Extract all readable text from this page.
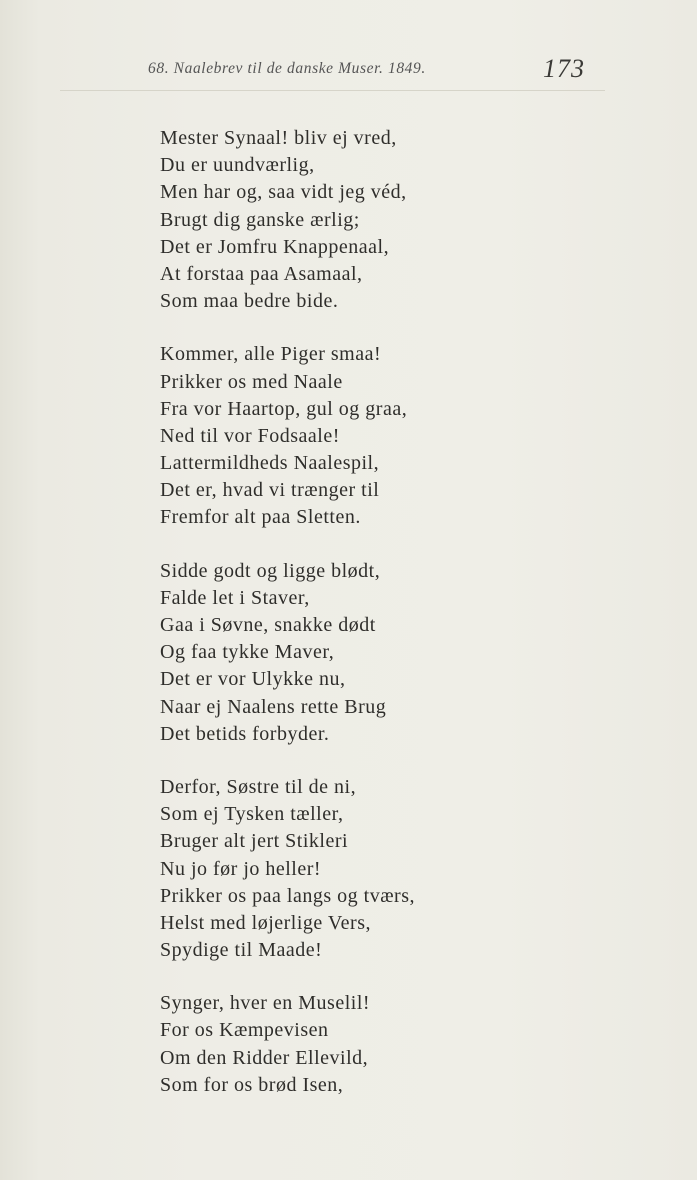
68. Naalebrev til de danske Muser. 1849.	173
Mester Synaal! bliv ej vred,
Du er uundværlig,
Men har og, saa vidt jeg véd,
Brugt dig ganske ærlig;
Det er Jomfru Knappenaal,
At forstaa paa Asamaal,
Som maa bedre bide.
Kommer, alle Piger smaa!
Prikker os med Naale
Fra vor Haartop, gul og graa,
Ned til vor Fodsaale!
Lattermildheds Naalespil,
Det er, hvad vi trænger til
Fremfor alt paa Sletten.
Sidde godt og ligge blødt,
Falde let i Staver,
Gaa i Søvne, snakke dødt
Og faa tykke Maver,
Det er vor Ulykke nu,
Naar ej Naalens rette Brug
Det betids forbyder.
Derfor, Søstre til de ni,
Som ej Tysken tæller,
Bruger alt jert Stikleri
Nu jo før jo heller!
Prikker os paa langs og tværs,
Helst med løjerlige Vers,
Spydige til Maade!
Synger, hver en Muselil!
For os Kæmpevisen
Om den Ridder Ellevild,
Som for os brød Isen,
